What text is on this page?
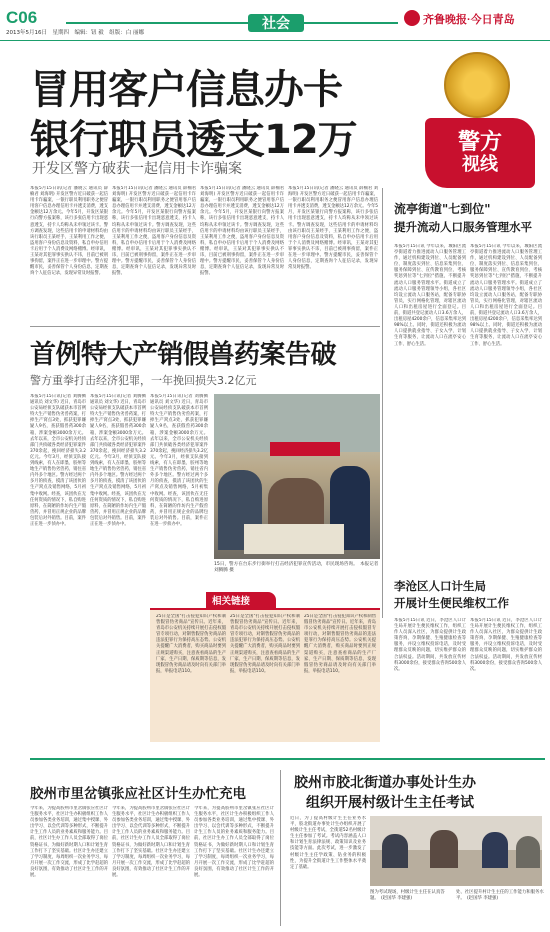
C06
2013年5月16日　星期四　编辑：钮 毅　组版：白 丽娜
社会	齐鲁晚报·今日青岛
冒用客户信息办卡
银行职员透支12万
开发区警方破获一起信用卡诈骗案
警方
视线
本报5月15日讯(记者 潘晓云 通讯员 薛楠君 刘海明) 开发区警方近日破获一起信用卡诈骗案，一银行职员利用职务之便冒用客户信息办理信用卡并透支消费，透支金额达12万余元。今年5月，开发区某银行向警方报案称，该行多张信用卡出现恶意透支，持卡人均称从未申领过该卡。警方调查发现，这些信用卡的申请材料均由该行职员王某经手，王某利用工作之便，盗用客户身份信息及资料，私自申办信用卡后用于个人消费及网络赌博。经审讯，王某对其犯罪事实供认不讳，目前已被刑事拘留，案件正在进一步审理中。警方提醒市民，妥善保管个人身份信息，定期查询个人征信记录，发现异常及时报警。
本报5月15日讯(记者 潘晓云 通讯员 薛楠君 刘海明) 开发区警方近日破获一起信用卡诈骗案，一银行职员利用职务之便冒用客户信息办理信用卡并透支消费，透支金额达12万余元。今年5月，开发区某银行向警方报案称，该行多张信用卡出现恶意透支，持卡人均称从未申领过该卡。警方调查发现，这些信用卡的申请材料均由该行职员王某经手，王某利用工作之便，盗用客户身份信息及资料，私自申办信用卡后用于个人消费及网络赌博。经审讯，王某对其犯罪事实供认不讳，目前已被刑事拘留，案件正在进一步审理中。警方提醒市民，妥善保管个人身份信息，定期查询个人征信记录，发现异常及时报警。
本报5月15日讯(记者 潘晓云 通讯员 薛楠君 刘海明) 开发区警方近日破获一起信用卡诈骗案，一银行职员利用职务之便冒用客户信息办理信用卡并透支消费，透支金额达12万余元。今年5月，开发区某银行向警方报案称，该行多张信用卡出现恶意透支，持卡人均称从未申领过该卡。警方调查发现，这些信用卡的申请材料均由该行职员王某经手，王某利用工作之便，盗用客户身份信息及资料，私自申办信用卡后用于个人消费及网络赌博。经审讯，王某对其犯罪事实供认不讳，目前已被刑事拘留，案件正在进一步审理中。警方提醒市民，妥善保管个人身份信息，定期查询个人征信记录，发现异常及时报警。
本报5月15日讯(记者 潘晓云 通讯员 薛楠君 刘海明) 开发区警方近日破获一起信用卡诈骗案，一银行职员利用职务之便冒用客户信息办理信用卡并透支消费，透支金额达12万余元。今年5月，开发区某银行向警方报案称，该行多张信用卡出现恶意透支，持卡人均称从未申领过该卡。警方调查发现，这些信用卡的申请材料均由该行职员王某经手，王某利用工作之便，盗用客户身份信息及资料，私自申办信用卡后用于个人消费及网络赌博。经审讯，王某对其犯罪事实供认不讳，目前已被刑事拘留，案件正在进一步审理中。警方提醒市民，妥善保管个人身份信息，定期查询个人征信记录，发现异常及时报警。
流亭街道"七到位"
提升流动人口服务管理水平
本报5月15日讯 今年以来，城阳区流亭街道着力推进流动人口服务管理工作，通过机构建设到位、人员配备到位、制度落实到位、信息采集到位、服务保障到位、宣传教育到位、考核奖惩到位等"七到位"措施，不断提升流动人口服务管理水平。街道成立了流动人口服务管理领导小组，各社区均设立流动人口服务站，配备专职协管员，实行网格化管理，对辖区流动人口和出租房屋进行全面登记。目前，街道共登记流动人口3.6万余人，出租房屋4200余户，信息采集率达到98%以上。同时，街道还积极为流动人口提供就业指导、子女入学、计划生育等服务，让流动人口在流亭安心工作、舒心生活。
本报5月15日讯 今年以来，城阳区流亭街道着力推进流动人口服务管理工作，通过机构建设到位、人员配备到位、制度落实到位、信息采集到位、服务保障到位、宣传教育到位、考核奖惩到位等"七到位"措施，不断提升流动人口服务管理水平。街道成立了流动人口服务管理领导小组，各社区均设立流动人口服务站，配备专职协管员，实行网格化管理，对辖区流动人口和出租房屋进行全面登记。目前，街道共登记流动人口3.6万余人，出租房屋4200余户，信息采集率达到98%以上。同时，街道还积极为流动人口提供就业指导、子女入学、计划生育等服务，让流动人口在流亭安心工作、舒心生活。
李沧区人口计生局
开展计生便民维权工作
本报5月15日讯 近日，李沧区人口计生局开展计生便民维权工作，组织工作人员深入社区，为群众提供计生政策咨询、孕期保健、生殖健康检查等服务，并设立维权投诉电话，及时受理群众反映的问题，切实维护群众的合法权益。活动期间，共发放宣传材料3000余份，接受群众咨询500余人次。
本报5月15日讯 近日，李沧区人口计生局开展计生便民维权工作，组织工作人员深入社区，为群众提供计生政策咨询、孕期保健、生殖健康检查等服务，并设立维权投诉电话，及时受理群众反映的问题，切实维护群众的合法权益。活动期间，共发放宣传材料3000余份，接受群众咨询500余人次。
首例特大产销假兽药案告破
警方重拳打击经济犯罪，一年挽回损失3.2亿元
本报5月15日讯(记者 刘腾腾 通讯员 刘文华) 近日，青岛市公安局经侦支队破获本市首例特大生产销售伪劣兽药案，打掉生产窝点3处，抓获犯罪嫌疑人9名，查获假兽药300余箱，涉案金额3000余万元。去年以来，全市公安机关经侦部门共侦破各类经济犯罪案件370余起，挽回经济损失3.2亿元。今年3月，经侦支队接到线索，有人在即墨、胶州等地生产销售伪劣兽药，销往省内外多个地区。警方经过两个多月的侦查，摸清了该团伙的生产窝点及销售网络，5月初集中收网。经查，该团伙在无任何资质的情况下，私自购进原料，在简陋的作坊内生产假兽药，并冒用正规企业的品牌包装后对外销售。目前，案件正在进一步侦办中。
本报5月15日讯(记者 刘腾腾 通讯员 刘文华) 近日，青岛市公安局经侦支队破获本市首例特大生产销售伪劣兽药案，打掉生产窝点3处，抓获犯罪嫌疑人9名，查获假兽药300余箱，涉案金额3000余万元。去年以来，全市公安机关经侦部门共侦破各类经济犯罪案件370余起，挽回经济损失3.2亿元。今年3月，经侦支队接到线索，有人在即墨、胶州等地生产销售伪劣兽药，销往省内外多个地区。警方经过两个多月的侦查，摸清了该团伙的生产窝点及销售网络，5月初集中收网。经查，该团伙在无任何资质的情况下，私自购进原料，在简陋的作坊内生产假兽药，并冒用正规企业的品牌包装后对外销售。目前，案件正在进一步侦办中。
本报5月15日讯(记者 刘腾腾 通讯员 刘文华) 近日，青岛市公安局经侦支队破获本市首例特大生产销售伪劣兽药案，打掉生产窝点3处，抓获犯罪嫌疑人9名，查获假兽药300余箱，涉案金额3000余万元。去年以来，全市公安机关经侦部门共侦破各类经济犯罪案件370余起，挽回经济损失3.2亿元。今年3月，经侦支队接到线索，有人在即墨、胶州等地生产销售伪劣兽药，销往省内外多个地区。警方经过两个多月的侦查，摸清了该团伙的生产窝点及销售网络，5月初集中收网。经查，该团伙在无任何资质的情况下，私自购进原料，在简陋的作坊内生产假兽药，并冒用正规企业的品牌包装后对外销售。目前，案件正在进一步侦办中。
15日，警方在台东步行街举行打击经济犯罪宣传活动，市民现场咨询。　本报记者 刘腾腾 摄
相关链接
25日是全国"打击侵犯知识产权和制售假冒伪劣商品"宣传日。近年来，青岛市公安机关持续开展打击侵权假冒专项行动，对制售假冒伪劣商品的违法犯罪行为保持高压态势。公安机关提醒广大消费者，购买商品时要到正规渠道购买，注意查看商品的生产厂家、生产日期、保质期等信息，发现假冒伪劣商品请及时向有关部门举报，举报电话110。
25日是全国"打击侵犯知识产权和制售假冒伪劣商品"宣传日。近年来，青岛市公安机关持续开展打击侵权假冒专项行动，对制售假冒伪劣商品的违法犯罪行为保持高压态势。公安机关提醒广大消费者，购买商品时要到正规渠道购买，注意查看商品的生产厂家、生产日期、保质期等信息，发现假冒伪劣商品请及时向有关部门举报，举报电话110。
25日是全国"打击侵犯知识产权和制售假冒伪劣商品"宣传日。近年来，青岛市公安机关持续开展打击侵权假冒专项行动，对制售假冒伪劣商品的违法犯罪行为保持高压态势。公安机关提醒广大消费者，购买商品时要到正规渠道购买，注意查看商品的生产厂家、生产日期、保质期等信息，发现假冒伪劣商品请及时向有关部门举报，举报电话110。
胶州市里岔镇张应社区计生办忙充电
今年来，为提高胶州市里岔镇张应社区计生服务水平，社区计生办积极组织工作人员参加各类业务培训，通过集中授课、外出学习、以会代训等多种形式，不断提升计生工作人员的业务素质和服务能力。目前，社区计生办工作人员全部取得了岗位资格证书，为做好新时期人口和计划生育工作打下了坚实基础。社区计生办还建立了学习制度，每周组织一次业务学习，每月开展一次工作交流，形成了比学赶超的良好氛围，有效推动了社区计生工作的开展。
今年来，为提高胶州市里岔镇张应社区计生服务水平，社区计生办积极组织工作人员参加各类业务培训，通过集中授课、外出学习、以会代训等多种形式，不断提升计生工作人员的业务素质和服务能力。目前，社区计生办工作人员全部取得了岗位资格证书，为做好新时期人口和计划生育工作打下了坚实基础。社区计生办还建立了学习制度，每周组织一次业务学习，每月开展一次工作交流，形成了比学赶超的良好氛围，有效推动了社区计生工作的开展。
今年来，为提高胶州市里岔镇张应社区计生服务水平，社区计生办积极组织工作人员参加各类业务培训，通过集中授课、外出学习、以会代训等多种形式，不断提升计生工作人员的业务素质和服务能力。目前，社区计生办工作人员全部取得了岗位资格证书，为做好新时期人口和计划生育工作打下了坚实基础。社区计生办还建立了学习制度，每周组织一次业务学习，每月开展一次工作交流，形成了比学赶超的良好氛围，有效推动了社区计生工作的开展。
胶州市胶北街道办事处计生办
组织开展村级计生主任考试
近日，为了提高村级计生主任业务水平，胶北街道办事处计生办组织开展了村级计生主任考试，全街道52名村级计生主任参加了考试。考试内容涵盖人口和计划生育法律法规、政策知识及业务技能等方面。此次考试，进一步激发了村级计生主任学政策、钻业务的积极性，为提升全街道计生工作整体水平奠定了基础。
图为考试现场，村级计生主任在认真答题。　(赵国华 李建强)
处、社区提升村计生主任的工作能力和服务水平。　(赵国华 李建强)
